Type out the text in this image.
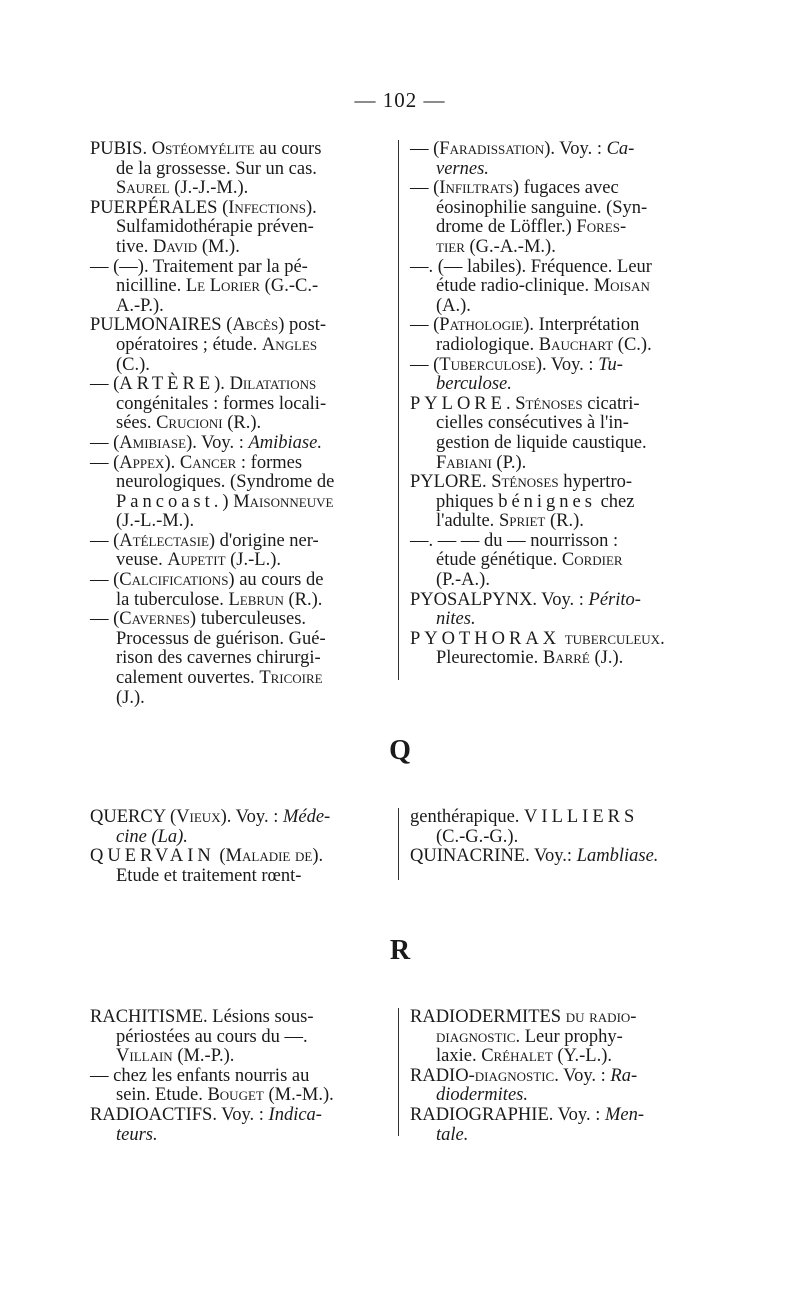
— 102 —
PUBIS. Ostéomyélite au cours
de la grossesse. Sur un cas.
Saurel (J.-J.-M.).
PUERPÉRALES (Infections).
Sulfamidothérapie préven-
tive. David (M.).
— (—). Traitement par la pé-
nicilline. Le Lorier (G.-C.-
A.-P.).
PULMONAIRES (Abcès) post-
opératoires ; étude. Angles
(C.).
— (ARTÈRE). Dilatations
congénitales : formes locali-
sées. Crucioni (R.).
— (Amibiase). Voy. : Amibiase.
— (Appex). Cancer : formes
neurologiques. (Syndrome de
Pancoast.) Maisonneuve
(J.-L.-M.).
— (Atélectasie) d'origine ner-
veuse. Aupetit (J.-L.).
— (Calcifications) au cours de
la tuberculose. Lebrun (R.).
— (Cavernes) tuberculeuses.
Processus de guérison. Gué-
rison des cavernes chirurgi-
calement ouvertes. Tricoire
(J.).
— (Faradissation). Voy. : Ca-
vernes.
— (Infiltrats) fugaces avec
éosinophilie sanguine. (Syn-
drome de Löffler.) Fores-
tier (G.-A.-M.).
—. (— labiles). Fréquence. Leur
étude radio-clinique. Moisan
(A.).
— (Pathologie). Interprétation
radiologique. Bauchart (C.).
— (Tuberculose). Voy. : Tu-
berculose.
PYLORE. Sténoses cicatri-
cielles consécutives à l'in-
gestion de liquide caustique.
Fabiani (P.).
PYLORE. Sténoses hypertro-
phiques bénignes chez
l'adulte. Spriet (R.).
—. — — du — nourrisson :
étude génétique. Cordier
(P.-A.).
PYOSALPYNX. Voy. : Périto-
nites.
PYOTHORAX tuberculeux.
Pleurectomie. Barré (J.).
Q
QUERCY (Vieux). Voy. : Méde-
cine (La).
QUERVAIN (Maladie de).
Etude et traitement rœnt-
genthérapique. VILLIERS
(C.-G.-G.).
QUINACRINE. Voy.: Lambliase.
R
RACHITISME. Lésions sous-
périostées au cours du —.
Villain (M.-P.).
— chez les enfants nourris au
sein. Etude. Bouget (M.-M.).
RADIOACTIFS. Voy. : Indica-
teurs.
RADIODERMITES du radio-
diagnostic. Leur prophy-
laxie. Créhalet (Y.-L.).
RADIO-diagnostic. Voy. : Ra-
diodermites.
RADIOGRAPHIE. Voy. : Men-
tale.
